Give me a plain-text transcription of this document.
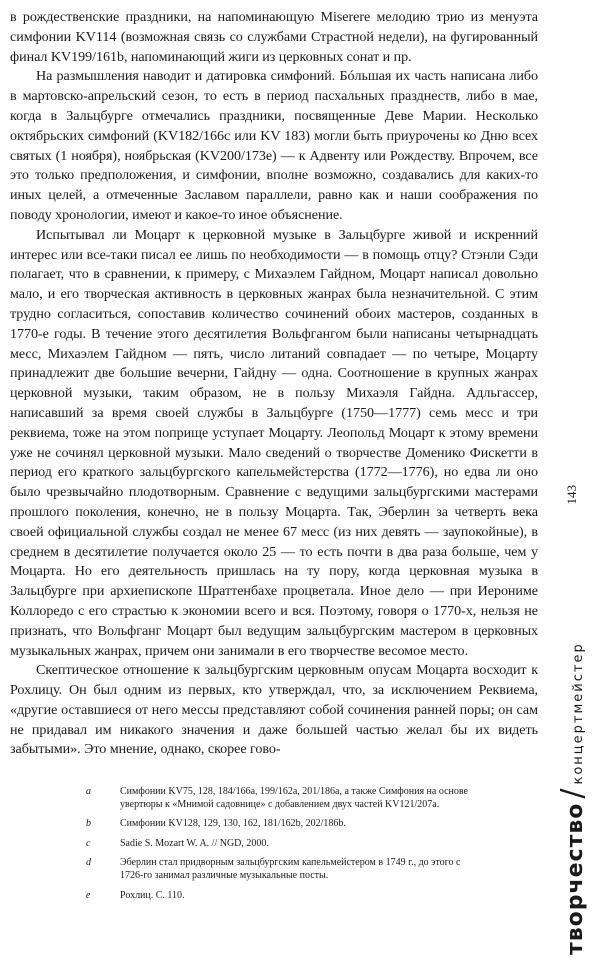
в рождественские праздники, на напоминающую Miserere мелодию трио из менуэта симфонии KV114 (возможная связь со службами Страстной недели), на фугированный финал KV199/161b, напоминающий жиги из церковных сонат и пр.

На размышления наводит и датировка симфоний. Бóльшая их часть написана либо в мартовско-апрельский сезон, то есть в период пасхальных празднеств, либо в мае, когда в Зальцбурге отмечались праздники, посвященные Деве Марии. Несколько октябрьских симфоний (KV182/166c или KV 183) могли быть приурочены ко Дню всех святых (1 ноября), ноябрьская (KV200/173e) — к Адвенту или Рождеству. Впрочем, все это только предположения, и симфонии, вполне возможно, создавались для каких-то иных целей, а отмеченные Заславом параллели, равно как и наши соображения по поводу хронологии, имеют и какое-то иное объяснение.

Испытывал ли Моцарт к церковной музыке в Зальцбурге живой и искренний интерес или все-таки писал ее лишь по необходимости — в помощь отцу? Стэнли Сэди полагает, что в сравнении, к примеру, с Михаэлем Гайдном, Моцарт написал довольно мало, и его творческая активность в церковных жанрах была незначительной. С этим трудно согласиться, сопоставив количество сочинений обоих мастеров, созданных в 1770-е годы. В течение этого десятилетия Вольфгангом были написаны четырнадцать месс, Михаэлем Гайдном — пять, число литаний совпадает — по четыре, Моцарту принадлежит две большие вечерни, Гайдну — одна. Соотношение в крупных жанрах церковной музыки, таким образом, не в пользу Михаэля Гайдна. Адльгассер, написавший за время своей службы в Зальцбурге (1750—1777) семь месс и три реквиема, тоже на этом поприще уступает Моцарту. Леопольд Моцарт к этому времени уже не сочинял церковной музыки. Мало сведений о творчестве Доменико Фискетти в период его краткого зальцбургского капельмейстерства (1772—1776), но едва ли оно было чрезвычайно плодотворным. Сравнение с ведущими зальцбургскими мастерами прошлого поколения, конечно, не в пользу Моцарта. Так, Эберлин за четверть века своей официальной службы создал не менее 67 месс (из них девять — заупокойные), в среднем в десятилетие получается около 25 — то есть почти в два раза больше, чем у Моцарта. Но его деятельность пришлась на ту пору, когда церковная музыка в Зальцбурге при архиепископе Шраттенбахе процветала. Иное дело — при Иерониме Коллоредо с его страстью к экономии всего и вся. Поэтому, говоря о 1770-х, нельзя не признать, что Вольфганг Моцарт был ведущим зальцбургским мастером в церковных музыкальных жанрах, причем они занимали в его творчестве весомое место.

Скептическое отношение к зальцбургским церковным опусам Моцарта восходит к Рохлицу. Он был одним из первых, кто утверждал, что, за исключением Реквиема, «другие оставшиеся от него мессы представляют собой сочинения ранней поры; он сам не придавал им никакого значения и даже большей частью желал бы их видеть забытыми». Это мнение, однако, скорее гово-

a	Симфонии KV75, 128, 184/166a, 199/162a, 201/186a, а также Симфония на основе увертюры к «Мнимой садовнице» с добавлением двух частей KV121/207a.
b	Симфонии KV128, 129, 130, 162, 181/162b, 202/186b.
c	Sadie S. Mozart W. A. // NGD, 2000.
d	Эберлин стал придворным зальцбургским капельмейстером в 1749 г., до этого с 1726-го занимал различные музыкальные посты.
e	Рохлиц. С. 110.	творчество/концертмейстер
143
